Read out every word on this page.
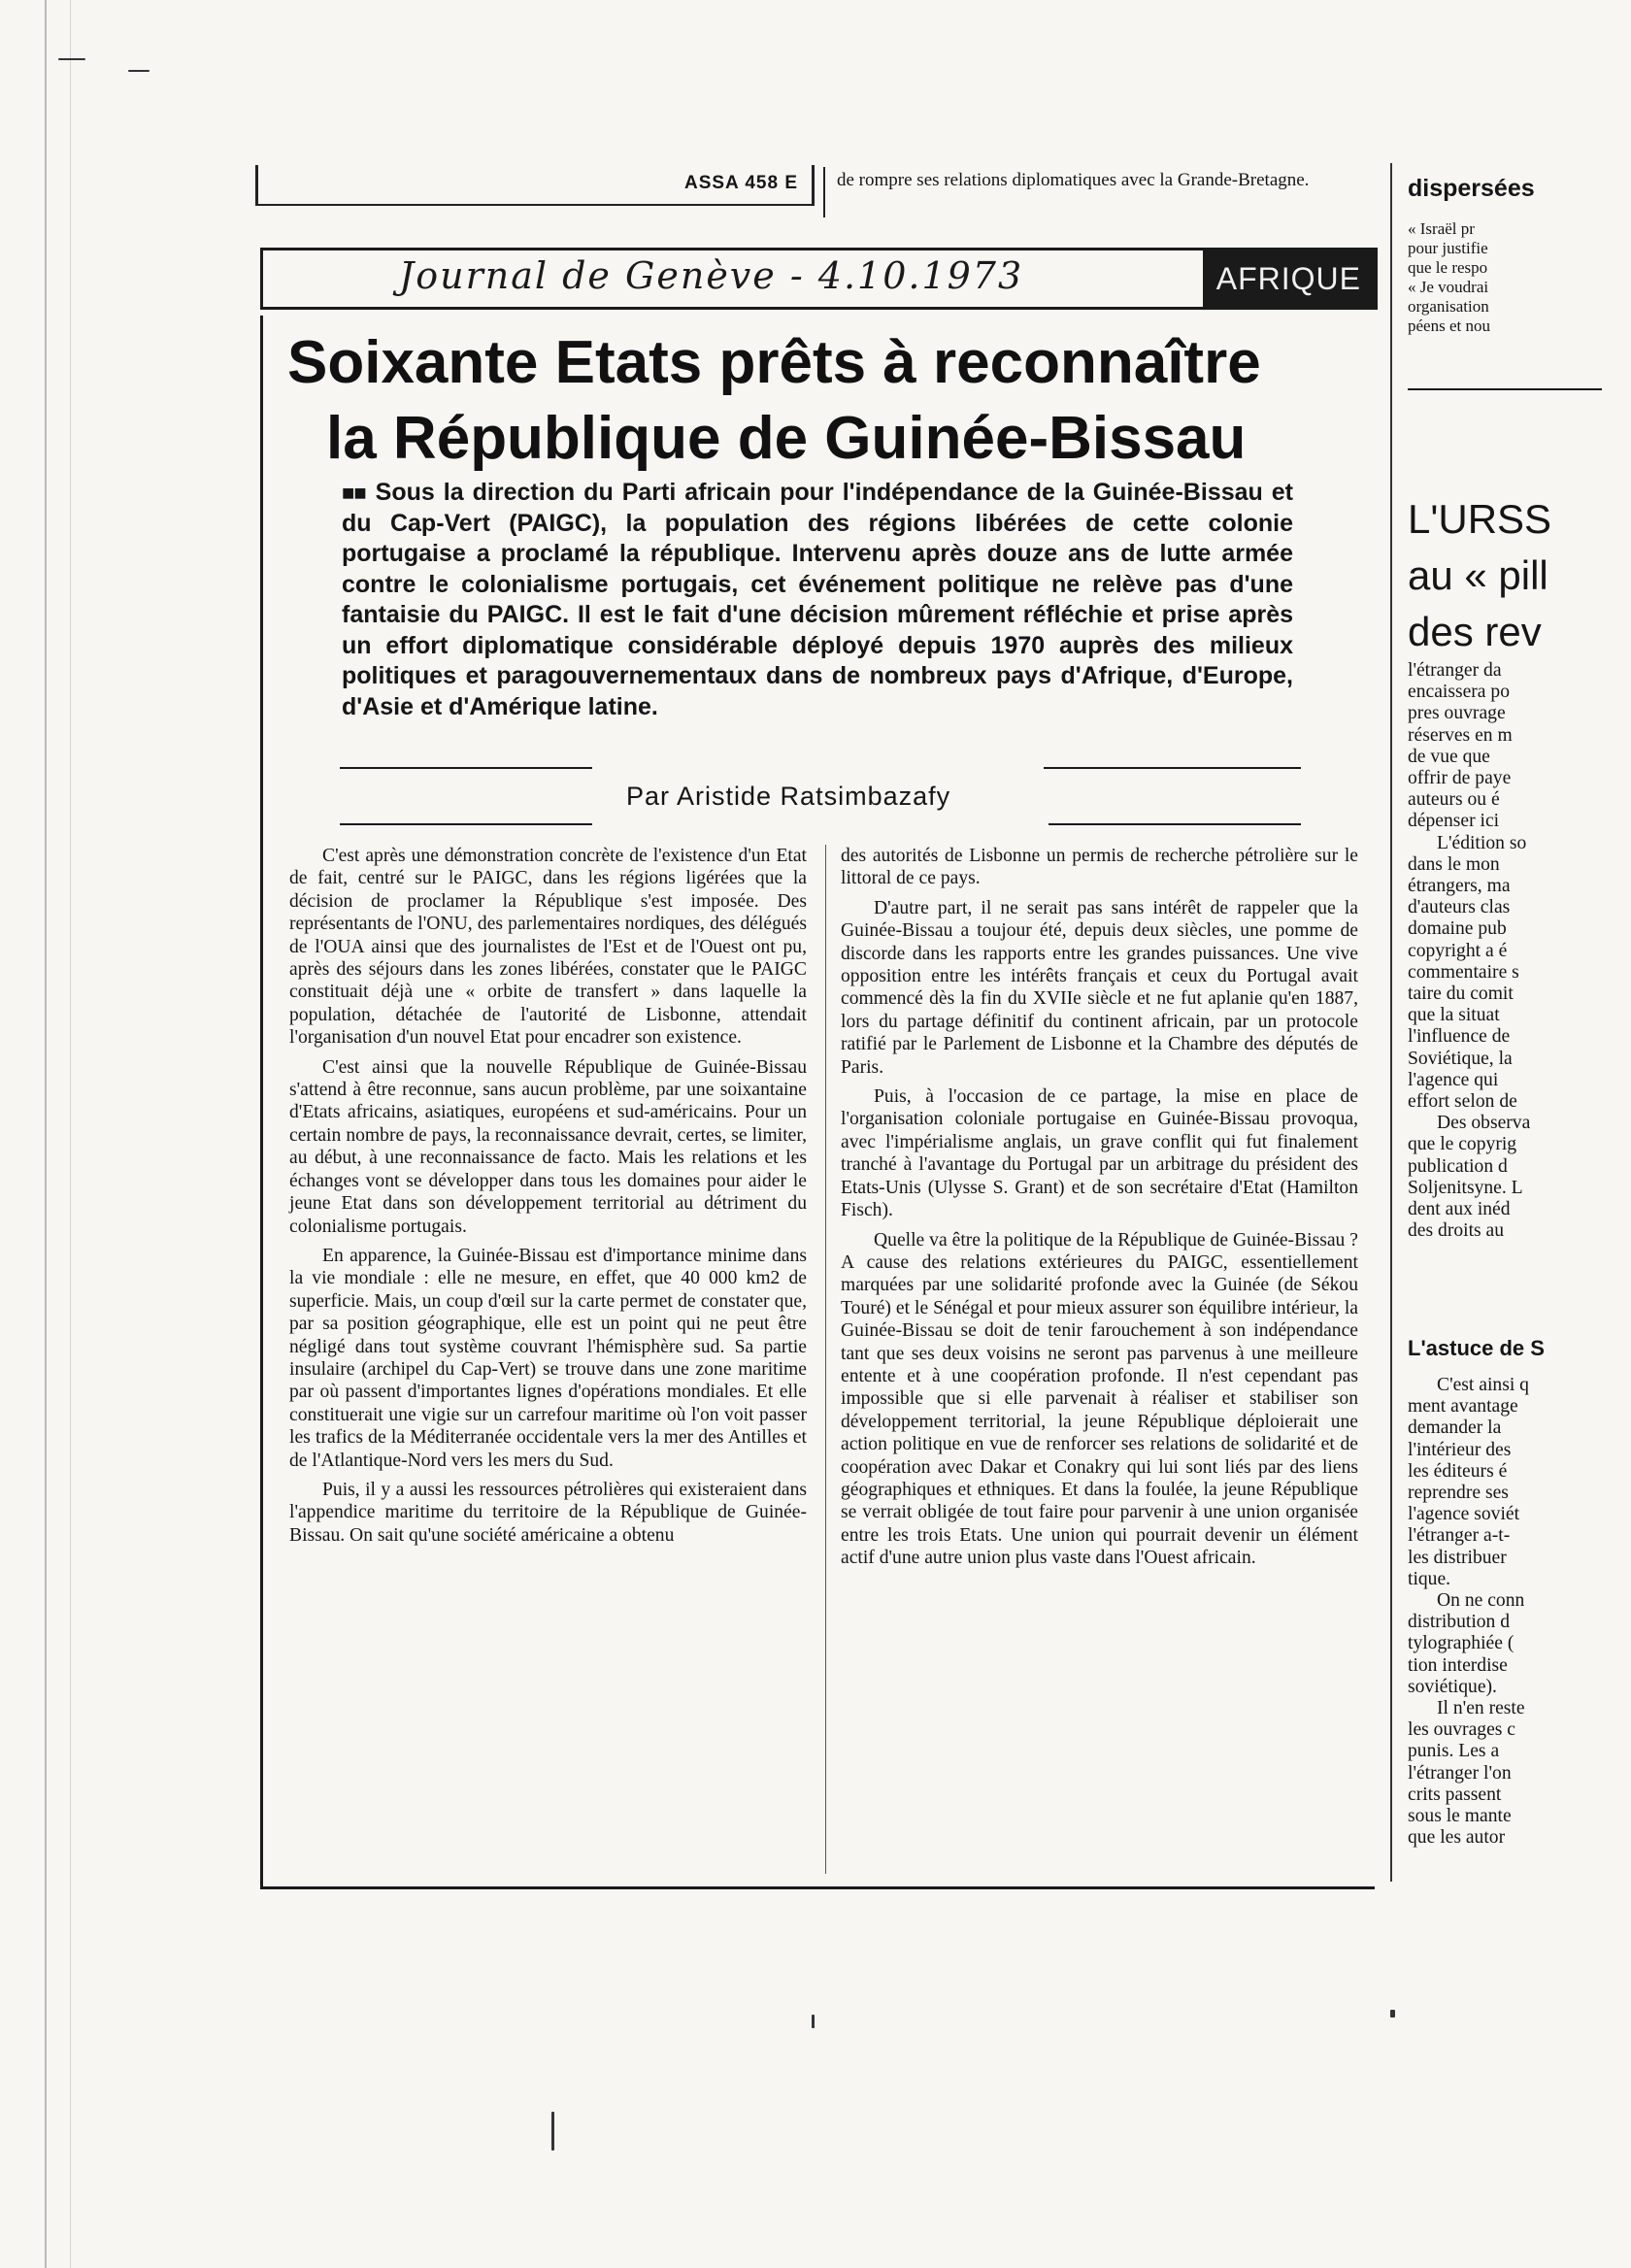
ASSA 458 E de rompre ses relations diplomatiques avec la Grande-Bretagne.
Journal de Genève - 4.10.1973	AFRIQUE
Soixante Etats prêts à reconnaître
la République de Guinée-Bissau

■■ Sous la direction du Parti africain pour l'indépendance de la Guinée-Bissau et du Cap-Vert (PAIGC), la population des régions libérées de cette colonie portugaise a proclamé la république. Intervenu après douze ans de lutte armée contre le colonialisme portugais, cet événement politique ne relève pas d'une fantaisie du PAIGC. Il est le fait d'une décision mûrement réfléchie et prise après un effort diplomatique considérable déployé depuis 1970 auprès des milieux politiques et paragouvernementaux dans de nombreux pays d'Afrique, d'Europe, d'Asie et d'Amérique latine.

Par Aristide Ratsimbazafy

C'est après une démonstration concrète de l'existence d'un Etat de fait, centré sur le PAIGC, dans les régions ligérées que la décision de proclamer la République s'est imposée. Des représentants de l'ONU, des parlementaires nordiques, des délégués de l'OUA ainsi que des journalistes de l'Est et de l'Ouest ont pu, après des séjours dans les zones libérées, constater que le PAIGC constituait déjà une « orbite de transfert » dans laquelle la population, détachée de l'autorité de Lisbonne, attendait l'organisation d'un nouvel Etat pour encadrer son existence.

C'est ainsi que la nouvelle République de Guinée-Bissau s'attend à être reconnue, sans aucun problème, par une soixantaine d'Etats africains, asiatiques, européens et sud-américains. Pour un certain nombre de pays, la reconnaissance devrait, certes, se limiter, au début, à une reconnaissance de facto. Mais les relations et les échanges vont se développer dans tous les domaines pour aider le jeune Etat dans son développement territorial au détriment du colonialisme portugais.

En apparence, la Guinée-Bissau est d'importance minime dans la vie mondiale : elle ne mesure, en effet, que 40 000 km2 de superficie. Mais, un coup d'œil sur la carte permet de constater que, par sa position géographique, elle est un point qui ne peut être négligé dans tout système couvrant l'hémisphère sud. Sa partie insulaire (archipel du Cap-Vert) se trouve dans une zone maritime par où passent d'importantes lignes d'opérations mondiales. Et elle constituerait une vigie sur un carrefour maritime où l'on voit passer les trafics de la Méditerranée occidentale vers la mer des Antilles et de l'Atlantique-Nord vers les mers du Sud.

Puis, il y a aussi les ressources pétrolières qui existeraient dans l'appendice maritime du territoire de la République de Guinée-Bissau. On sait qu'une société américaine a obtenu

des autorités de Lisbonne un permis de recherche pétrolière sur le littoral de ce pays.

D'autre part, il ne serait pas sans intérêt de rappeler que la Guinée-Bissau a toujour été, depuis deux siècles, une pomme de discorde dans les rapports entre les grandes puissances. Une vive opposition entre les intérêts français et ceux du Portugal avait commencé dès la fin du XVIIe siècle et ne fut aplanie qu'en 1887, lors du partage définitif du continent africain, par un protocole ratifié par le Parlement de Lisbonne et la Chambre des députés de Paris.

Puis, à l'occasion de ce partage, la mise en place de l'organisation coloniale portugaise en Guinée-Bissau provoqua, avec l'impérialisme anglais, un grave conflit qui fut finalement tranché à l'avantage du Portugal par un arbitrage du président des Etats-Unis (Ulysse S. Grant) et de son secrétaire d'Etat (Hamilton Fisch).

Quelle va être la politique de la République de Guinée-Bissau ? A cause des relations extérieures du PAIGC, essentiellement marquées par une solidarité profonde avec la Guinée (de Sékou Touré) et le Sénégal et pour mieux assurer son équilibre intérieur, la Guinée-Bissau se doit de tenir farouchement à son indépendance tant que ses deux voisins ne seront pas parvenus à une meilleure entente et à une coopération profonde. Il n'est cependant pas impossible que si elle parvenait à réaliser et stabiliser son développement territorial, la jeune République déploierait une action politique en vue de renforcer ses relations de solidarité et de coopération avec Dakar et Conakry qui lui sont liés par des liens géographiques et ethniques. Et dans la foulée, la jeune République se verrait obligée de tout faire pour parvenir à une union organisée entre les trois Etats. Une union qui pourrait devenir un élément actif d'une autre union plus vaste dans l'Ouest africain.

dispersées
« Israël pr
pour justifie
que le respo
« Je voudrai
organisation
péens et nou
L'URSS
au « pill
des rev
l'étranger da
encaissera po
pres ouvrage
réserves en m
de vue que
offrir de paye
auteurs ou é
dépenser ici
L'édition so
dans le mon
étrangers, ma
d'auteurs clas
domaine pub
copyright a é
commentaire s
taire du comit
que la situat
l'influence de
Soviétique, la
l'agence qui
effort selon de
Des observa
que le copyrig
publication d
Soljenitsyne. L
dent aux inéd
des droits au
L'astuce de S
C'est ainsi q
ment avantage
demander la
l'intérieur des
les éditeurs é
reprendre ses
l'agence soviét
l'étranger a-t-
les distribuer
tique.
On ne conn
distribution d
tylographiée (
tion interdise
soviétique).
Il n'en reste
les ouvrages c
punis. Les a
l'étranger l'on
crits passent
sous le mante
que les autor
